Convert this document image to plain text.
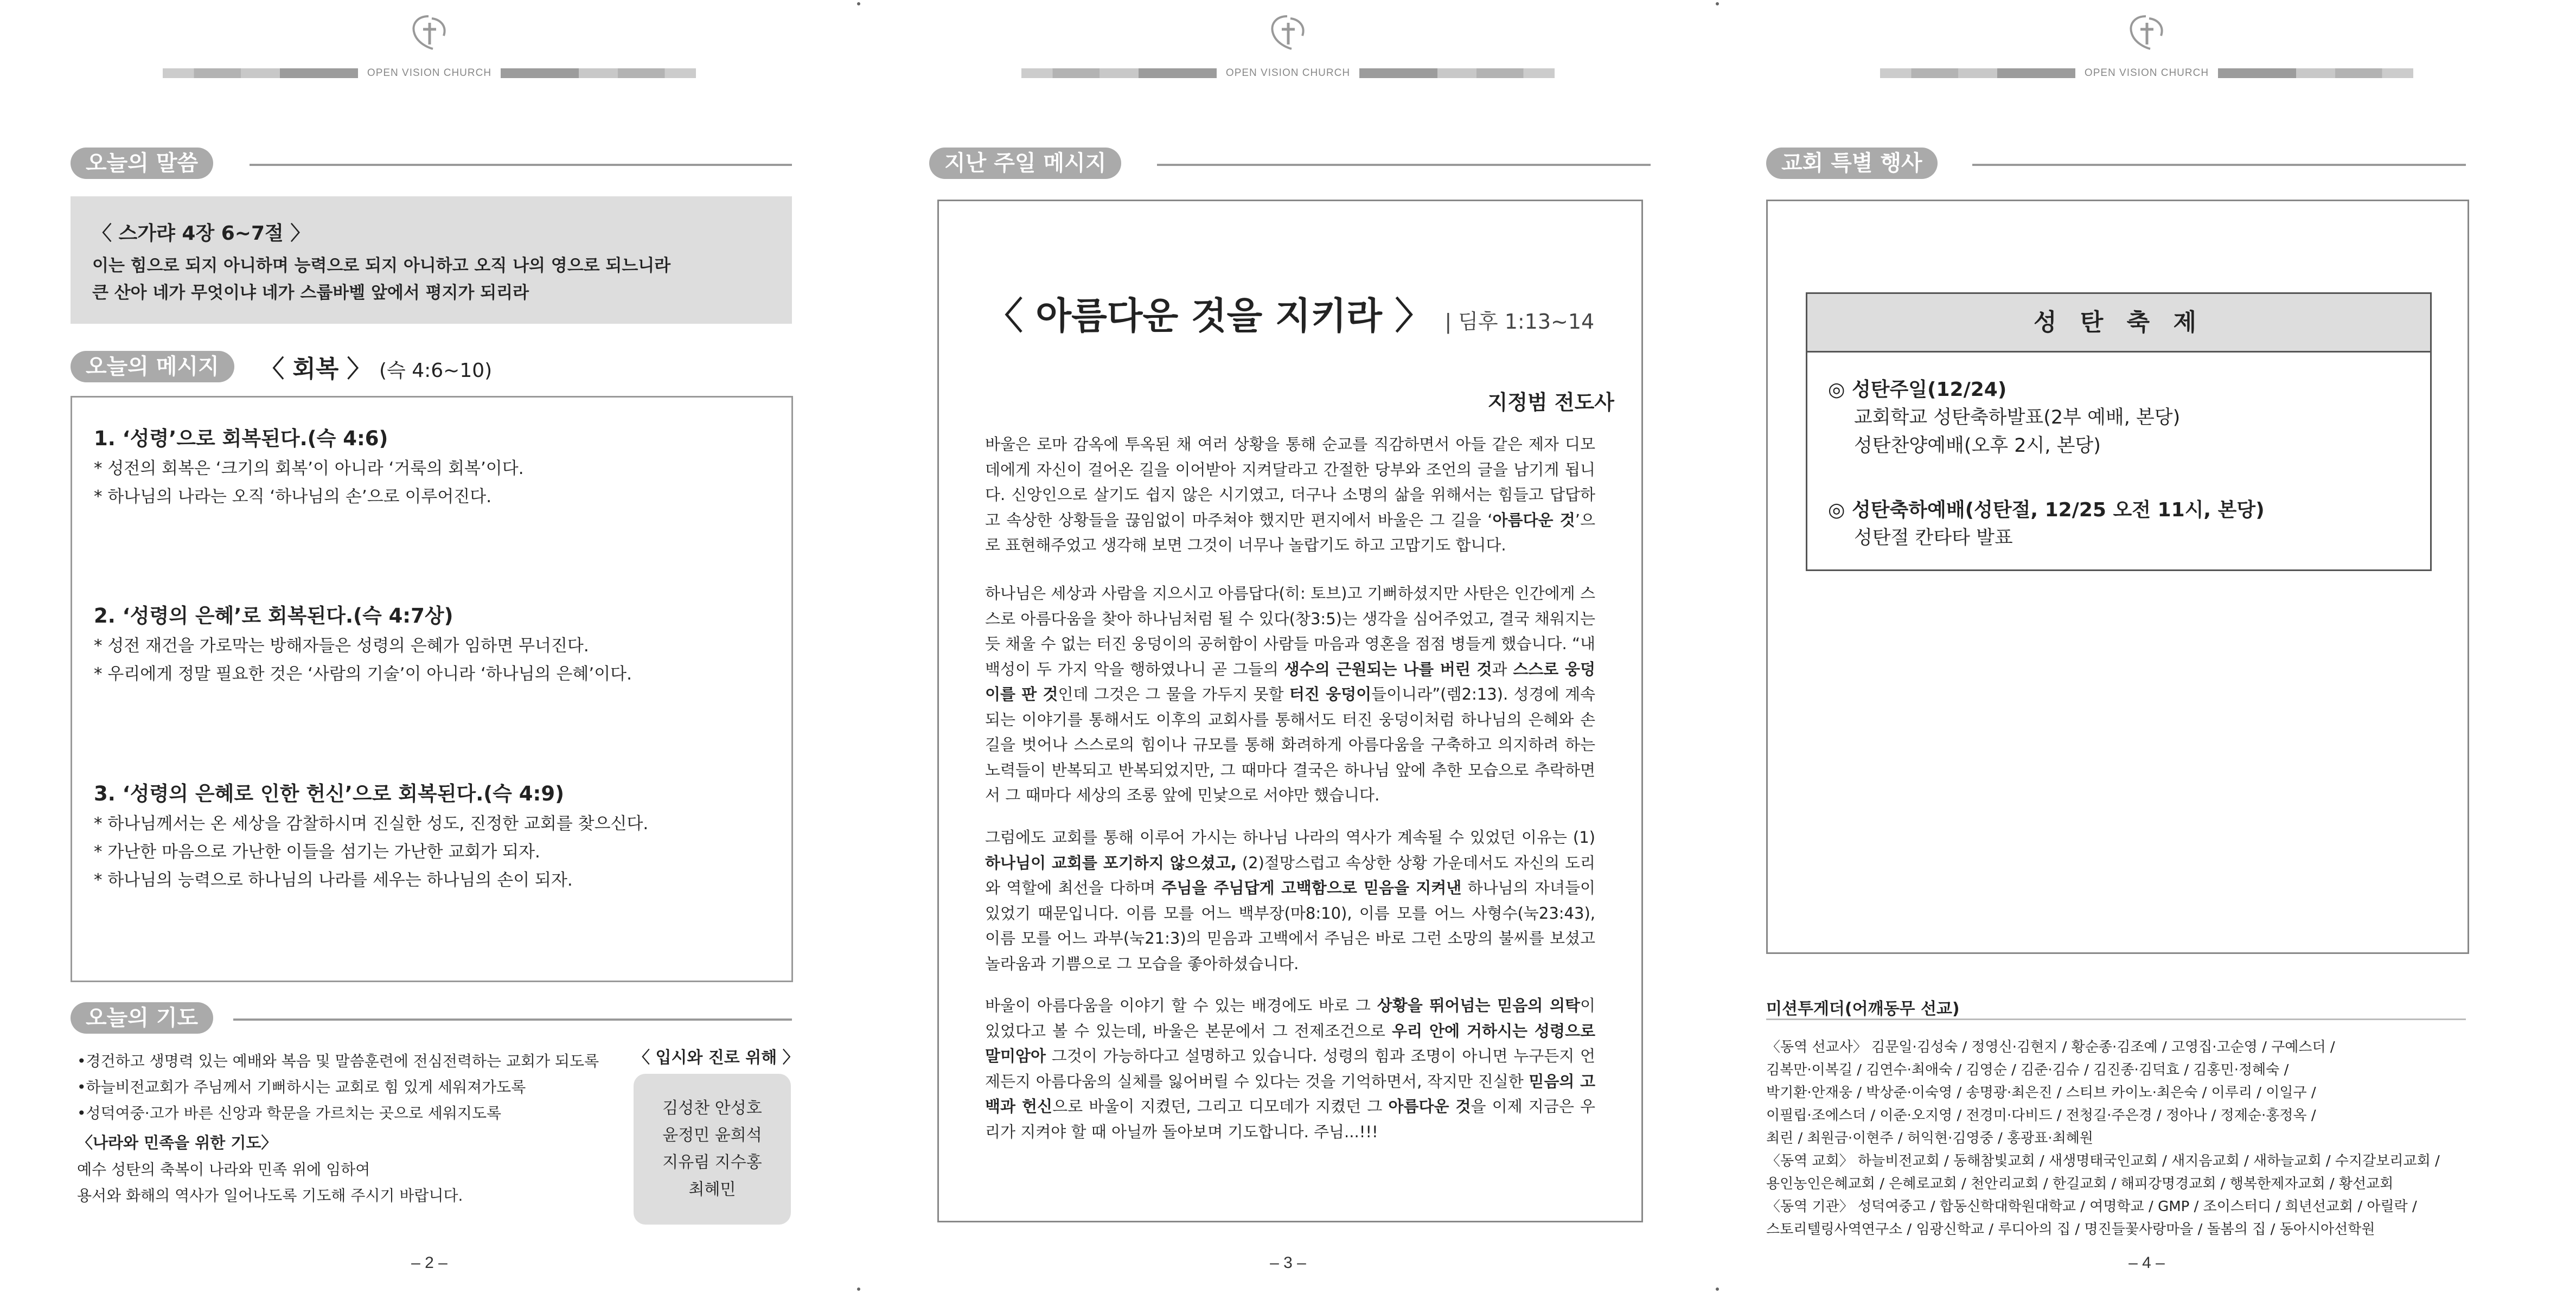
OPEN VISION CHURCH
오늘의 말씀
〈 스가랴 4장 6~7절 〉
이는 힘으로 되지 아니하며 능력으로 되지 아니하고 오직 나의 영으로 되느니라
큰 산아 네가 무엇이냐 네가 스룹바벨 앞에서 평지가 되리라
오늘의 메시지	〈 회복 〉 (슥 4:6~10)
1. ‘성령’으로 회복된다.(슥 4:6)
* 성전의 회복은 ‘크기의 회복’이 아니라 ‘거룩의 회복’이다.
* 하나님의 나라는 오직 ‘하나님의 손’으로 이루어진다.
2. ‘성령의 은혜’로 회복된다.(슥 4:7상)
* 성전 재건을 가로막는 방해자들은 성령의 은혜가 임하면 무너진다.
* 우리에게 정말 필요한 것은 ‘사람의 기술’이 아니라 ‘하나님의 은혜’이다.
3. ‘성령의 은혜로 인한 헌신’으로 회복된다.(슥 4:9)
* 하나님께서는 온 세상을 감찰하시며 진실한 성도, 진정한 교회를 찾으신다.
* 가난한 마음으로 가난한 이들을 섬기는 가난한 교회가 되자.
* 하나님의 능력으로 하나님의 나라를 세우는 하나님의 손이 되자.
오늘의 기도
•경건하고 생명력 있는 예배와 복음 및 말씀훈련에 전심전력하는 교회가 되도록
•하늘비전교회가 주님께서 기뻐하시는 교회로 힘 있게 세워져가도록
•성덕여중·고가 바른 신앙과 학문을 가르치는 곳으로 세워지도록
〈나라와 민족을 위한 기도〉
예수 성탄의 축복이 나라와 민족 위에 임하여
용서와 화해의 역사가 일어나도록 기도해 주시기 바랍니다.
〈 입시와 진로 위해 〉
김성찬 안성호
윤정민 윤희석
지유림 지수홍
최혜민
– 2 –
OPEN VISION CHURCH
지난 주일 메시지
〈 아름다운 것을 지키라 〉 | 딤후 1:13~14
지정범 전도사

바울은 로마 감옥에 투옥된 채 여러 상황을 통해 순교를 직감하면서 아들 같은 제자 디모데에게 자신이 걸어온 길을 이어받아 지켜달라고 간절한 당부와 조언의 글을 남기게 됩니다. 신앙인으로 살기도 쉽지 않은 시기였고, 더구나 소명의 삶을 위해서는 힘들고 답답하고 속상한 상황들을 끊임없이 마주쳐야 했지만 편지에서 바울은 그 길을 ‘아름다운 것’으로 표현해주었고 생각해 보면 그것이 너무나 놀랍기도 하고 고맙기도 합니다.

하나님은 세상과 사람을 지으시고 아름답다(히: 토브)고 기뻐하셨지만 사탄은 인간에게 스스로 아름다움을 찾아 하나님처럼 될 수 있다(창3:5)는 생각을 심어주었고, 결국 채워지는 듯 채울 수 없는 터진 웅덩이의 공허함이 사람들 마음과 영혼을 점점 병들게 했습니다. “내 백성이 두 가지 악을 행하였나니 곧 그들의 생수의 근원되는 나를 버린 것과 스스로 웅덩이를 판 것인데 그것은 그 물을 가두지 못할 터진 웅덩이들이니라”(렘2:13). 성경에 계속되는 이야기를 통해서도 이후의 교회사를 통해서도 터진 웅덩이처럼 하나님의 은혜와 손길을 벗어나 스스로의 힘이나 규모를 통해 화려하게 아름다움을 구축하고 의지하려 하는 노력들이 반복되고 반복되었지만, 그 때마다 결국은 하나님 앞에 추한 모습으로 추락하면서 그 때마다 세상의 조롱 앞에 민낯으로 서야만 했습니다.

그럼에도 교회를 통해 이루어 가시는 하나님 나라의 역사가 계속될 수 있었던 이유는 (1)하나님이 교회를 포기하지 않으셨고, (2)절망스럽고 속상한 상황 가운데서도 자신의 도리와 역할에 최선을 다하며 주님을 주님답게 고백함으로 믿음을 지켜낸 하나님의 자녀들이 있었기 때문입니다. 이름 모를 어느 백부장(마8:10), 이름 모를 어느 사형수(눅23:43), 이름 모를 어느 과부(눅21:3)의 믿음과 고백에서 주님은 바로 그런 소망의 불씨를 보셨고 놀라움과 기쁨으로 그 모습을 좋아하셨습니다.

바울이 아름다움을 이야기 할 수 있는 배경에도 바로 그 상황을 뛰어넘는 믿음의 의탁이 있었다고 볼 수 있는데, 바울은 본문에서 그 전제조건으로 우리 안에 거하시는 성령으로 말미암아 그것이 가능하다고 설명하고 있습니다. 성령의 힘과 조명이 아니면 누구든지 언제든지 아름다움의 실체를 잃어버릴 수 있다는 것을 기억하면서, 작지만 진실한 믿음의 고백과 헌신으로 바울이 지켰던, 그리고 디모데가 지켰던 그 아름다운 것을 이제 지금은 우리가 지켜야 할 때 아닐까 돌아보며 기도합니다. 주님...!!!

– 3 –
OPEN VISION CHURCH
교회 특별 행사
성 탄 축 제
◎ 성탄주일(12/24)
교회학교 성탄축하발표(2부 예배, 본당)
성탄찬양예배(오후 2시, 본당)
◎ 성탄축하예배(성탄절, 12/25 오전 11시, 본당)
성탄절 칸타타 발표
미션투게더(어깨동무 선교)
〈동역 선교사〉 김문일·김성숙 / 정영신·김현지 / 황순종·김조예 / 고영집·고순영 / 구예스더 /
김복만·이복길 / 김연수·최애숙 / 김영순 / 김준·김슈 / 김진종·김덕효 / 김홍민·정혜숙 /
박기환·안재웅 / 박상준·이숙영 / 송명광·최은진 / 스티브 카이노·최은숙 / 이루리 / 이일구 /
이필립·조에스더 / 이준·오지영 / 전경미·다비드 / 전청길·주은경 / 정아나 / 정제순·홍정옥 /
최린 / 최원금·이현주 / 허익현·김영중 / 홍광표·최혜원
〈동역 교회〉 하늘비전교회 / 동해참빛교회 / 새생명태국인교회 / 새지음교회 / 새하늘교회 / 수지갈보리교회 /
용인농인은혜교회 / 은혜로교회 / 천안리교회 / 한길교회 / 해피강명경교회 / 행복한제자교회 / 황선교회
〈동역 기관〉 성덕여중고 / 합동신학대학원대학교 / 여명학교 / GMP / 조이스터디 / 희년선교회 / 아릴락 /
스토리텔링사역연구소 / 임광신학교 / 루디아의 집 / 명진들꽃사랑마을 / 돌봄의 집 / 동아시아선학원
– 4 –
